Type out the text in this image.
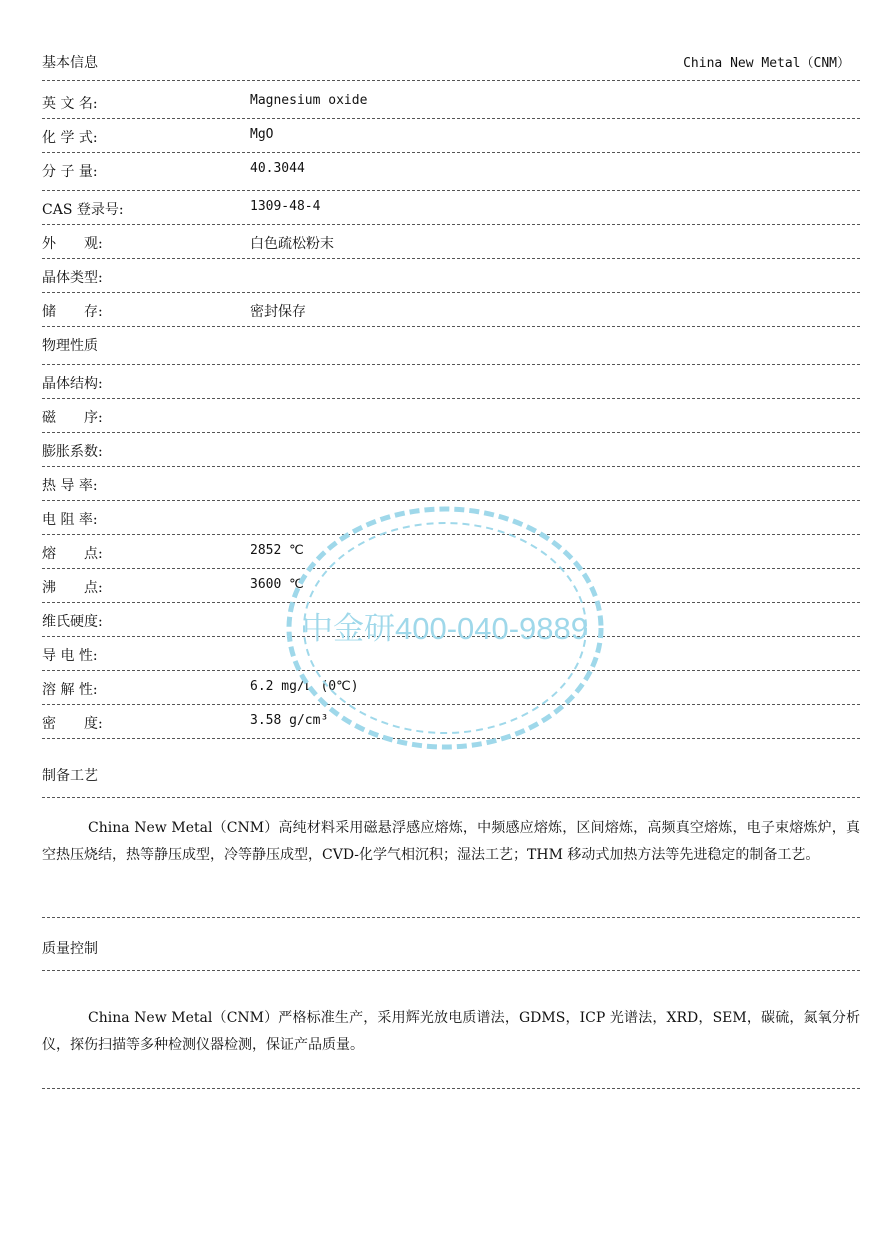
基本信息	China New Metal（CNM）
英 文 名:	Magnesium oxide
化 学 式:	MgO
分 子 量:	40.3044
CAS 登录号:	1309-48-4
外　　观:	白色疏松粉末
晶体类型:
储　　存:	密封保存
物理性质
晶体结构:
磁　　序:
膨胀系数:
热 导 率:
电 阻 率:
熔　　点:	2852 ℃
沸　　点:	3600 ℃
维氏硬度:
导 电 性:
溶 解 性:	6.2 mg/L (0℃)
密　　度:	3.58 g/cm³
制备工艺
China New Metal（CNM）高纯材料采用磁悬浮感应熔炼，中频感应熔炼，区间熔炼，高频真空熔炼，电子束熔炼炉，真空热压烧结，热等静压成型，冷等静压成型，CVD-化学气相沉积；湿法工艺；THM 移动式加热方法等先进稳定的制备工艺。
质量控制
China New Metal（CNM）严格标准生产，采用辉光放电质谱法，GDMS，ICP 光谱法，XRD，SEM，碳硫，氮氧分析仪，探伤扫描等多种检测仪器检测，保证产品质量。
中金研400-040-9889
